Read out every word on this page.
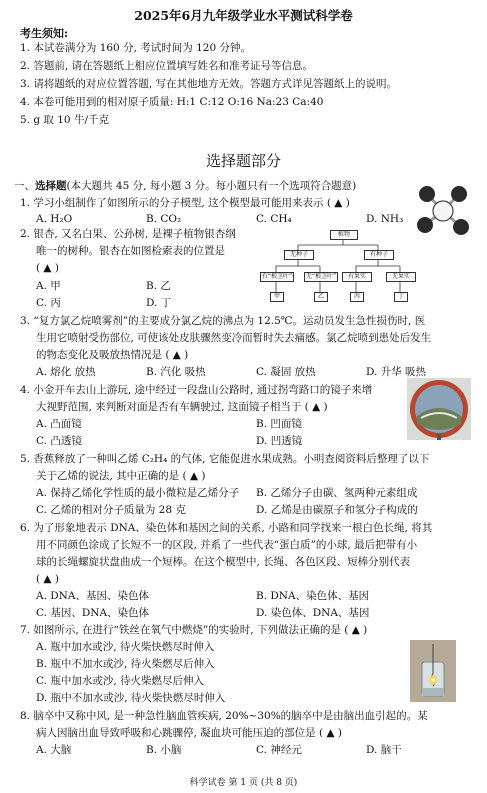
2025年6月九年级学业水平测试科学卷
考生须知:
1. 本试卷满分为 160 分, 考试时间为 120 分钟。
2. 答题前, 请在答题纸上相应位置填写姓名和准考证号等信息。
3. 请将题纸的对应位置答题, 写在其他地方无效。答题方式详见答题纸上的说明。
4. 本卷可能用到的相对原子质量: H:1 C:12 O:16 Na:23 Ca:40
5. g 取 10 牛/千克
选择题部分
一、选择题(本大题共 45 分, 每小题 3 分。每小题只有一个选项符合题意)
1. 学习小组制作了如图所示的分子模型, 这个模型最可能用来表示 ( ▲ )
A. H₂O	B. CO₂	C. CH₄	D. NH₃
2. 银杏, 又名白果、公孙树, 是裸子植物银杏纲
唯一的树种。银杏在如图检索表的位置是
( ▲ )
A. 甲	B. 乙
C. 丙	D. 丁
植物
无种子	有种子
有“根茎叶”	无“根茎叶”	有果实	无果实
甲	乙	丙	丁
3. “复方氯乙烷喷雾剂”的主要成分氯乙烷的沸点为 12.5℃。运动员发生急性损伤时, 医
生用它喷射受伤部位, 可使该处皮肤骤然变冷而暂时失去痛感。氯乙烷喷到患处后发生
的物态变化及吸放热情况是 ( ▲ )
A. 熔化 放热	B. 汽化 吸热	C. 凝固 放热	D. 升华 吸热
4. 小金开车去山上游玩, 途中经过一段盘山公路时, 通过拐弯路口的镜子来增
大视野范围, 来判断对面是否有车辆驶过, 这面镜子相当于 ( ▲ )
A. 凸面镜	B. 凹面镜
C. 凸透镜	D. 凹透镜
5. 香蕉释放了一种叫乙烯 C₂H₄ 的气体, 它能促进水果成熟。小明查阅资料后整理了以下
关于乙烯的说法, 其中正确的是 ( ▲ )
A. 保持乙烯化学性质的最小微粒是乙烯分子 B. 乙烯分子由碳、氢两种元素组成
C. 乙烯的相对分子质量为 28 克	D. 乙烯是由碳原子和氢分子构成的
6. 为了形象地表示 DNA、染色体和基因之间的关系, 小路和同学找来一根白色长绳, 将其
用不同颜色涂成了长短不一的区段, 并系了一些代表“蛋白质”的小球, 最后把带有小
球的长绳螺旋状盘曲成一个短棒。在这个模型中, 长绳、各色区段、短棒分别代表
( ▲ )
A. DNA、基因、染色体	B. DNA、染色体、基因
C. 基因、DNA、染色体	D. 染色体、DNA、基因
7. 如图所示, 在进行“铁丝在氧气中燃烧”的实验时, 下列做法正确的是 ( ▲ )
A. 瓶中加水或沙, 待火柴快燃尽时伸入
B. 瓶中不加水或沙, 待火柴燃尽后伸入
C. 瓶中加水或沙, 待火柴燃尽后伸入
D. 瓶中不加水或沙, 待火柴快燃尽时伸入
8. 脑卒中又称中风, 是一种急性脑血管疾病, 20%~30%的脑卒中是由脑出血引起的。某
病人因脑出血导致呼吸和心跳骤停, 凝血块可能压迫的部位是 ( ▲ )
A. 大脑	B. 小脑	C. 神经元	D. 脑干
科学试卷 第 1 页 (共 8 页)
